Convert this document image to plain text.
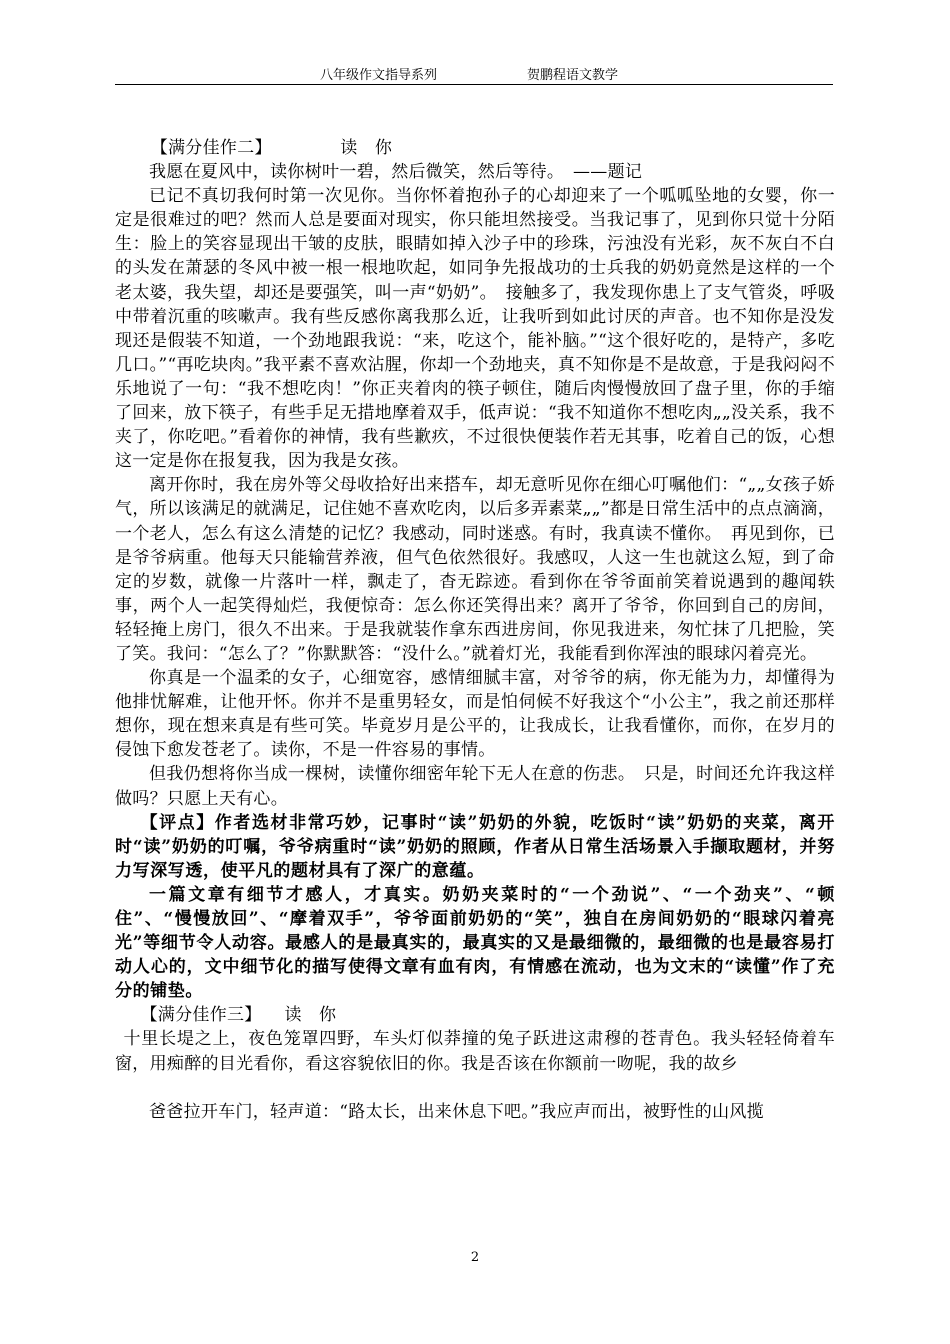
八年级作文指导系列	贺鹏程语文教学

【满分佳作二】	读　你

我愿在夏风中，读你树叶一碧，然后微笑，然后等待。　——题记

已记不真切我何时第一次见你。当你怀着抱孙子的心却迎来了一个呱呱坠地的女婴，你一定是很难过的吧？然而人总是要面对现实，你只能坦然接受。当我记事了，见到你只觉十分陌生：脸上的笑容显现出干皱的皮肤，眼睛如掉入沙子中的珍珠，污浊没有光彩，灰不灰白不白的头发在萧瑟的冬风中被一根一根地吹起，如同争先报战功的士兵我的奶奶竟然是这样的一个老太婆，我失望，却还是要强笑，叫一声“奶奶”。　接触多了，我发现你患上了支气管炎，呼吸中带着沉重的咳嗽声。我有些反感你离我那么近，让我听到如此讨厌的声音。也不知你是没发现还是假装不知道，一个劲地跟我说：“来，吃这个，能补脑。”“这个很好吃的，是特产，多吃几口。”“再吃块肉。”我平素不喜欢沾腥，你却一个劲地夹，真不知你是不是故意，于是我闷闷不乐地说了一句：“我不想吃肉！”你正夹着肉的筷子顿住，随后肉慢慢放回了盘子里，你的手缩了回来，放下筷子，有些手足无措地摩着双手，低声说：“我不知道你不想吃肉„„没关系，我不夹了，你吃吧。”看着你的神情，我有些歉疚，不过很快便装作若无其事，吃着自己的饭，心想这一定是你在报复我，因为我是女孩。

离开你时，我在房外等父母收拾好出来搭车，却无意听见你在细心叮嘱他们：“„„女孩子娇气，所以该满足的就满足，记住她不喜欢吃肉，以后多弄素菜„„”都是日常生活中的点点滴滴，一个老人，怎么有这么清楚的记忆？我感动，同时迷惑。有时，我真读不懂你。　再见到你，已是爷爷病重。他每天只能输营养液，但气色依然很好。我感叹，人这一生也就这么短，到了命定的岁数，就像一片落叶一样，飘走了，杳无踪迹。看到你在爷爷面前笑着说遇到的趣闻轶事，两个人一起笑得灿烂，我便惊奇：怎么你还笑得出来？离开了爷爷，你回到自己的房间，轻轻掩上房门，很久不出来。于是我就装作拿东西进房间，你见我进来，匆忙抹了几把脸，笑了笑。我问：“怎么了？”你默默答：“没什么。”就着灯光，我能看到你浑浊的眼球闪着亮光。

你真是一个温柔的女子，心细宽容，感情细腻丰富，对爷爷的病，你无能为力，却懂得为他排忧解难，让他开怀。你并不是重男轻女，而是怕伺候不好我这个“小公主”，我之前还那样想你，现在想来真是有些可笑。毕竟岁月是公平的，让我成长，让我看懂你，而你，在岁月的侵蚀下愈发苍老了。读你，不是一件容易的事情。

但我仍想将你当成一棵树，读懂你细密年轮下无人在意的伤悲。　只是，时间还允许我这样做吗？只愿上天有心。

【评点】作者选材非常巧妙，记事时“读”奶奶的外貌，吃饭时“读”奶奶的夹菜，离开时“读”奶奶的叮嘱，爷爷病重时“读”奶奶的照顾，作者从日常生活场景入手撷取题材，并努力写深写透，使平凡的题材具有了深广的意蕴。

一篇文章有细节才感人，才真实。奶奶夹菜时的“一个劲说”、“一个劲夹”、“顿住”、“慢慢放回”、“摩着双手”，爷爷面前奶奶的“笑”，独自在房间奶奶的“眼球闪着亮光”等细节令人动容。最感人的是最真实的，最真实的又是最细微的，最细微的也是最容易打动人心的，文中细节化的描写使得文章有血有肉，有情感在流动，也为文末的“读懂”作了充分的铺垫。

【满分佳作三】 读　你

十里长堤之上，夜色笼罩四野，车头灯似莽撞的兔子跃进这肃穆的苍青色。我头轻轻倚着车窗，用痴醉的目光看你，看这容貌依旧的你。我是否该在你额前一吻呢，我的故乡

爸爸拉开车门，轻声道：“路太长，出来休息下吧。”我应声而出，被野性的山风揽

2
